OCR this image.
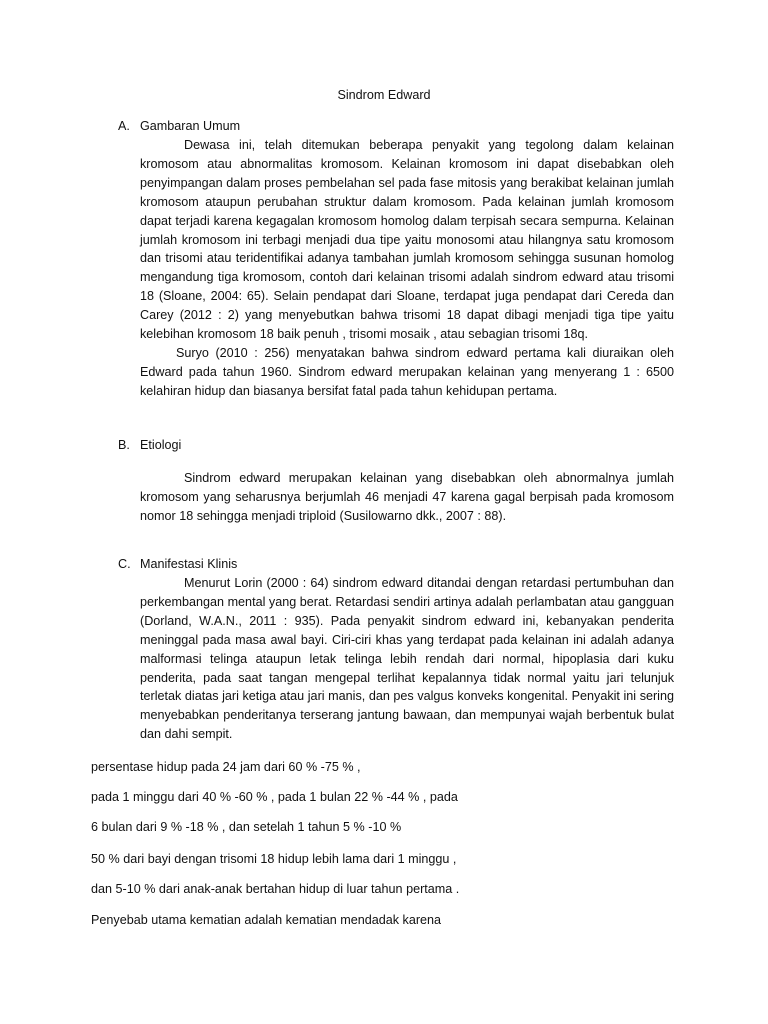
Sindrom Edward
A. Gambaran Umum

Dewasa ini, telah ditemukan beberapa penyakit yang tegolong dalam kelainan kromosom atau abnormalitas kromosom. Kelainan kromosom ini dapat disebabkan oleh penyimpangan dalam proses pembelahan sel pada fase mitosis yang berakibat kelainan jumlah kromosom ataupun perubahan struktur dalam kromosom. Pada kelainan jumlah kromosom dapat terjadi karena kegagalan kromosom homolog dalam terpisah secara sempurna. Kelainan jumlah kromosom ini terbagi menjadi dua tipe yaitu monosomi atau hilangnya satu kromosom dan trisomi atau teridentifikai adanya tambahan jumlah kromosom sehingga susunan homolog mengandung tiga kromosom, contoh dari kelainan trisomi adalah sindrom edward atau trisomi 18 (Sloane, 2004: 65). Selain pendapat dari Sloane, terdapat juga pendapat dari Cereda dan Carey (2012 : 2) yang menyebutkan bahwa trisomi 18 dapat dibagi menjadi tiga tipe yaitu kelebihan kromosom 18 baik penuh , trisomi mosaik , atau sebagian trisomi 18q.

Suryo (2010 : 256) menyatakan bahwa sindrom edward pertama kali diuraikan oleh Edward pada tahun 1960. Sindrom edward merupakan kelainan yang menyerang 1 : 6500 kelahiran hidup dan biasanya bersifat fatal pada tahun kehidupan pertama.

B. Etiologi

Sindrom edward merupakan kelainan yang disebabkan oleh abnormalnya jumlah kromosom yang seharusnya berjumlah 46 menjadi 47 karena gagal berpisah pada kromosom nomor 18 sehingga menjadi triploid (Susilowarno dkk., 2007 : 88).

C. Manifestasi Klinis

Menurut Lorin (2000 : 64) sindrom edward ditandai dengan retardasi pertumbuhan dan perkembangan mental yang berat. Retardasi sendiri artinya adalah perlambatan atau gangguan (Dorland, W.A.N., 2011 : 935). Pada penyakit sindrom edward ini, kebanyakan penderita meninggal pada masa awal bayi. Ciri-ciri khas yang terdapat pada kelainan ini adalah adanya malformasi telinga ataupun letak telinga lebih rendah dari normal, hipoplasia dari kuku penderita, pada saat tangan mengepal terlihat kepalannya tidak normal yaitu jari telunjuk terletak diatas jari ketiga atau jari manis, dan pes valgus konveks kongenital. Penyakit ini sering menyebabkan penderitanya terserang jantung bawaan, dan mempunyai wajah berbentuk bulat dan dahi sempit.

persentase hidup pada 24 jam dari 60 % -75 % ,
pada 1 minggu dari 40 % -60 % , pada 1 bulan 22 % -44 % , pada
6 bulan dari 9 % -18 % , dan setelah 1 tahun 5 % -10 %
50 % dari bayi dengan trisomi 18 hidup lebih lama dari 1 minggu ,
dan 5-10 % dari anak-anak bertahan hidup di luar tahun pertama .
Penyebab utama kematian adalah kematian mendadak karena
